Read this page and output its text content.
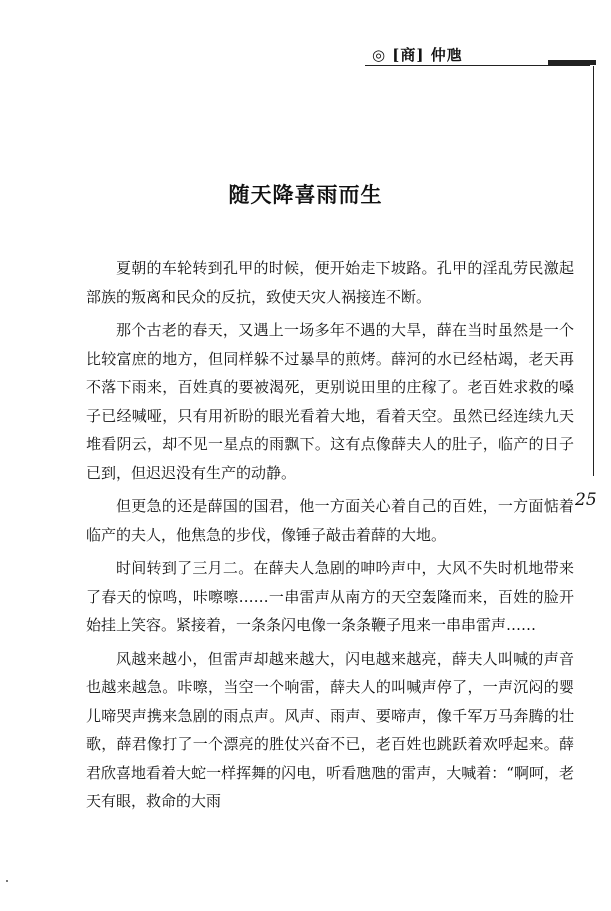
◎ [商] 仲虺
25
随天降喜雨而生

夏朝的车轮转到孔甲的时候，便开始走下坡路。孔甲的淫乱劳民激起部族的叛离和民众的反抗，致使天灾人祸接连不断。

那个古老的春天，又遇上一场多年不遇的大旱，薛在当时虽然是一个比较富庶的地方，但同样躲不过暴旱的煎烤。薛河的水已经枯竭，老天再不落下雨来，百姓真的要被渴死，更别说田里的庄稼了。老百姓求救的嗓子已经喊哑，只有用祈盼的眼光看着大地，看着天空。虽然已经连续九天堆看阴云，却不见一星点的雨飘下。这有点像薛夫人的肚子，临产的日子已到，但迟迟没有生产的动静。

但更急的还是薛国的国君，他一方面关心着自己的百姓，一方面惦着临产的夫人，他焦急的步伐，像锤子敲击着薛的大地。

时间转到了三月二。在薛夫人急剧的呻吟声中，大风不失时机地带来了春天的惊鸣，咔嚓嚓……一串雷声从南方的天空轰隆而来，百姓的脸开始挂上笑容。紧接着，一条条闪电像一条条鞭子甩来一串串雷声……

风越来越小，但雷声却越来越大，闪电越来越亮，薛夫人叫喊的声音也越来越急。咔嚓，当空一个响雷，薛夫人的叫喊声停了，一声沉闷的婴儿啼哭声携来急剧的雨点声。风声、雨声、要啼声，像千军万马奔腾的壮歌，薛君像打了一个漂亮的胜仗兴奋不已，老百姓也跳跃着欢呼起来。薛君欣喜地看着大蛇一样挥舞的闪电，听看虺虺的雷声，大喊着：“啊呵，老天有眼，救命的大雨
